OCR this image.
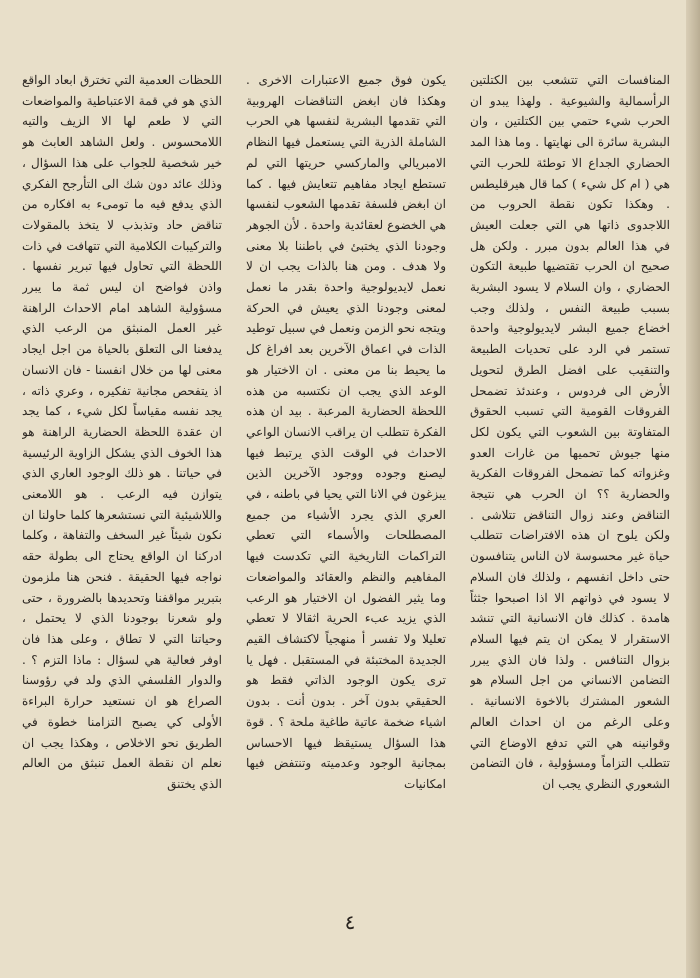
المنافسات التي تتشعب بين الكتلتين الرأسمالية والشيوعية . ولهذا يبدو ان الحرب شيء حتمي بين الكتلتين ، وان البشرية سائرة الى نهايتها . وما هذا المد الحضاري الجداع الا توطئة للحرب التي هي ( ام كل شيء ) كما قال هيرقليطس . وهكذا تكون نقطة الحروب من اللاجدوى ذاتها هي التي جعلت العيش في هذا العالم بدون مبرر . ولكن هل صحيح ان الحرب تقتضيها طبيعة التكون الحضاري ، وان السلام لا يسود البشرية بسبب طبيعة النفس ، ولذلك وجب اخضاع جميع البشر لايديولوجية واحدة تستمر في الرد على تحديات الطبيعة والتنقيب على افضل الطرق لتحويل الأرض الى فردوس ، وعندئذ تضمحل الفروقات القومية التي تسبب الحقوق المتفاوتة بين الشعوب التي يكون لكل منها جيوش تحميها من غارات العدو وغزواته كما تضمحل الفروقات الفكرية والحضارية ؟؟ ان الحرب هي نتيجة التناقض وعند زوال التناقض تتلاشى . ولكن يلوح ان هذه الافتراضات تتطلب حياة غير محسوسة لان الناس يتنافسون حتى داخل انفسهم ، ولذلك فان السلام لا يسود في ذواتهم الا اذا اصبحوا جثثاً هامدة . كذلك فان الانسانية التي تنشد الاستقرار لا يمكن ان يتم فيها السلام بزوال التنافس . ولذا فان الذي يبرر التضامن الانساني من اجل السلام هو الشعور المشترك بالاخوة الانسانية . وعلى الرغم من ان احداث العالم وقوانينه هي التي تدفع الاوضاع التي تتطلب التزاماً ومسؤولية ، فان التضامن الشعوري النظري يجب ان

يكون فوق جميع الاعتبارات الاخرى . وهكذا فان ابغض التناقضات الهروبية التي تقدمها البشرية لنفسها هي الحرب الشاملة الذرية التي يستعمل فيها النظام الامبريالي والماركسي حريتها التي لم تستطع ايجاد مفاهيم تتعايش فيها . كما ان ابغض فلسفة تقدمها الشعوب لنفسها هي الخضوع لعقائدية واحدة . لأن الجوهر وجودنا الذي يختبئ في باطننا بلا معنى ولا هدف . ومن هنا بالذات يجب ان لا نعمل لايديولوجية واحدة بقدر ما نعمل لمعنى وجودنا الذي يعيش في الحركة ويتجه نحو الزمن ونعمل في سبيل توطيد الذات في اعماق الآخرين بعد افراغ كل ما يحيط بنا من معنى . ان الاختيار هو الوعد الذي يجب ان نكتسبه من هذه اللحظة الحضارية المرعبة . بيد ان هذه الفكرة تتطلب ان يراقب الانسان الواعي الاحداث في الوقت الذي يرتبط فيها ليصنع وجوده ووجود الآخرين الذين يبزغون في الانا التي يحيا في باطنه ، في العري الذي يجرد الأشياء من جميع المصطلحات والأسماء التي تعطي التراكمات التاريخية التي تكدست فيها المفاهيم والنظم والعقائد والمواضعات وما يثير الفضول ان الاختيار هو الرعب الذي يزيد عبء الحرية اثقالا لا تعطي تعليلا ولا تفسر أ منهجياً لاكتشاف القيم الجديدة المختبئة في المستقبل . فهل يا ترى يكون الوجود الذاتي فقط هو الحقيقي بدون آخر . بدون أنت . بدون اشياء ضخمة عاتية طاغية ملحة ؟ . قوة هذا السؤال يستيقظ فيها الاحساس بمجانية الوجود وعدميته وتنتفض فيها امكانيات

اللحظات العدمية التي تخترق ابعاد الواقع الذي هو في قمة الاعتباطية والمواضعات التي لا طعم لها الا الزيف والتيه اللامحسوس . ولعل الشاهد العابث هو خير شخصية للجواب على هذا السؤال ، وذلك عائد دون شك الى التأرجح الفكري الذي يدفع فيه ما تومىء به افكاره من تناقض حاد وتذبذب لا يتخذ بالمقولات والتركيبات الكلامية التي تتهافت في ذات اللحظة التي تحاول فيها تبرير نفسها . واذن فواضح ان ليس ثمة ما يبرر مسؤولية الشاهد امام الاحداث الراهنة غير العمل المنبثق من الرعب الذي يدفعنا الى التعلق بالحياة من اجل ايجاد معنى لها من خلال انفسنا - فان الانسان اذ يتفحص مجانية تفكيره ، وعري ذاته ، يجد نفسه مقياساً لكل شيء ، كما يجد ان عقدة اللحظة الحضارية الراهنة هو هذا الخوف الذي يشكل الزاوية الرئيسية في حياتنا . هو ذلك الوجود العاري الذي يتوازن فيه الرعب . هو اللامعنى واللاشيئية التي نستشعرها كلما حاولنا ان نكون شيئاً غير السخف والتفاهة ، وكلما ادركنا ان الواقع يحتاج الى بطولة حقه نواجه فيها الحقيقة . فنحن هنا ملزمون بتبرير مواقفنا وتحديدها بالضرورة ، حتى ولو شعرنا بوجودنا الذي لا يحتمل ، وحياتنا التي لا تطاق ، وعلى هذا فان اوفر فعالية هي لسؤال : ماذا التزم ؟ . والدوار الفلسفي الذي ولد في رؤوسنا الصراع هو ان نستعيد حرارة البراءة الأولى كي يصبح التزامنا خطوة في الطريق نحو الاخلاص ، وهكذا يجب ان نعلم ان نقطة العمل تنبثق من العالم الذي يختنق

٤
